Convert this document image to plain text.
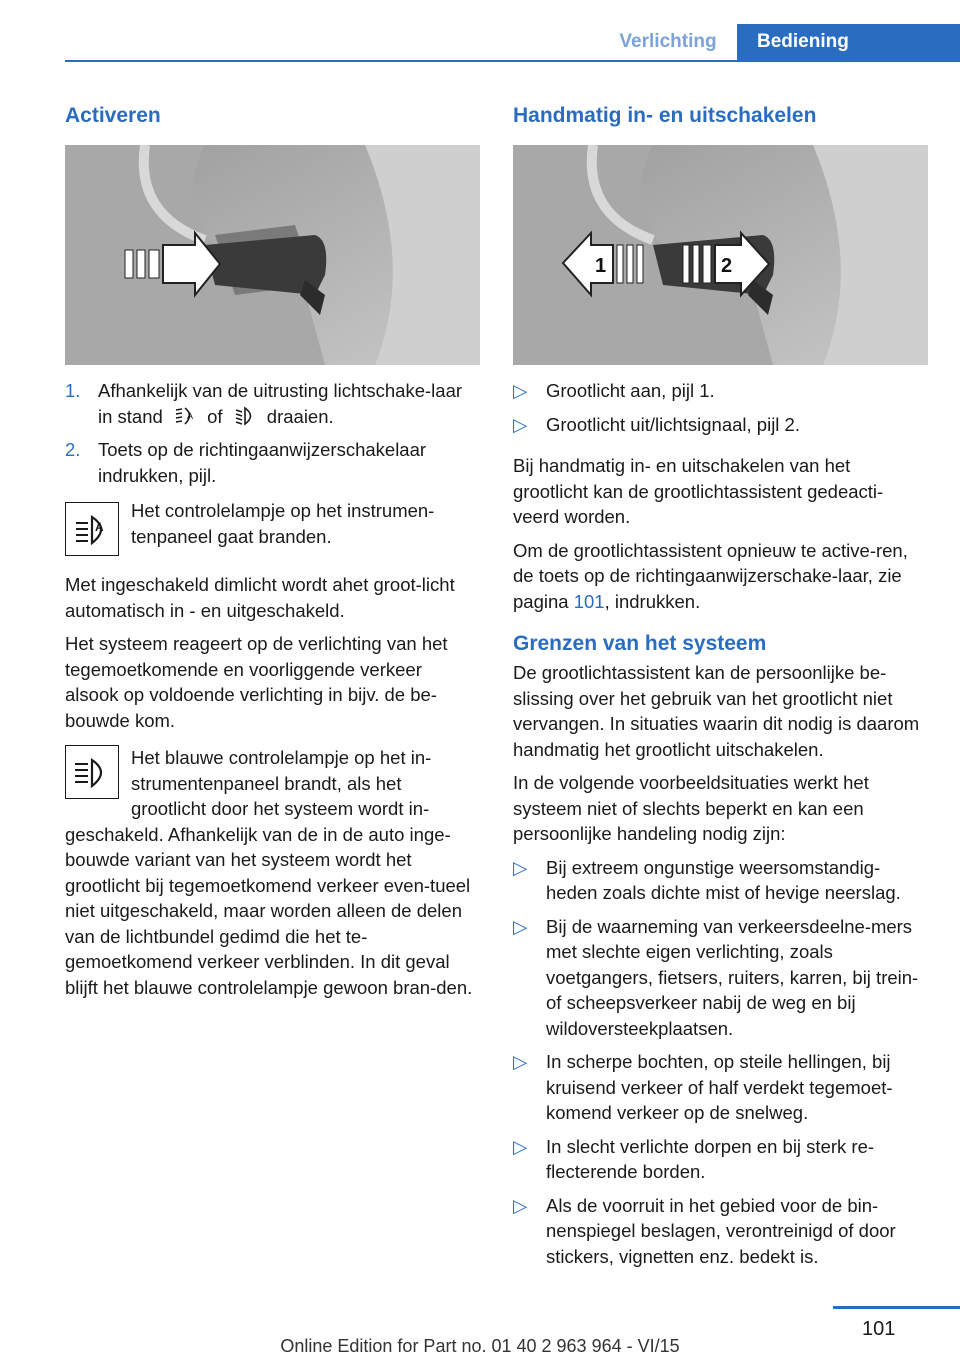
Verlichting	Bediening
Activeren
1. Afhankelijk van de uitrusting lichtschake-laar in stand	A of draaien.
2. Toets op de richtingaanwijzerschakelaar indrukken, pijl.
A

Het controlelampje op het instrumen-tenpaneel gaat branden.

Met ingeschakeld dimlicht wordt ahet groot-licht automatisch in - en uitgeschakeld.

Het systeem reageert op de verlichting van het tegemoetkomende en voorliggende verkeer alsook op voldoende verlichting in bijv. de be-bouwde kom.

Het blauwe controlelampje op het in-strumentenpaneel brandt, als het grootlicht door het systeem wordt in-geschakeld. Afhankelijk van de in de auto inge-bouwde variant van het systeem wordt het grootlicht bij tegemoetkomend verkeer even-tueel niet uitgeschakeld, maar worden alleen de delen van de lichtbundel gedimd die het te-gemoetkomend verkeer verblinden. In dit geval blijft het blauwe controlelampje gewoon bran-den.

Handmatig in- en uitschakelen
1	2
▷	Grootlicht aan, pijl 1.
▷	Grootlicht uit/lichtsignaal, pijl 2.

Bij handmatig in- en uitschakelen van het grootlicht kan de grootlichtassistent gedeacti-veerd worden.

Om de grootlichtassistent opnieuw te active-ren, de toets op de richtingaanwijzerschake-laar, zie pagina 101, indrukken.

Grenzen van het systeem

De grootlichtassistent kan de persoonlijke be-slissing over het gebruik van het grootlicht niet vervangen. In situaties waarin dit nodig is daarom handmatig het grootlicht uitschakelen.

In de volgende voorbeeldsituaties werkt het systeem niet of slechts beperkt en kan een persoonlijke handeling nodig zijn:

▷	Bij extreem ongunstige weersomstandig-heden zoals dichte mist of hevige neerslag.
▷	Bij de waarneming van verkeersdeelne-mers met slechte eigen verlichting, zoals voetgangers, fietsers, ruiters, karren, bij trein- of scheepsverkeer nabij de weg en bij wildoversteekplaatsen.
▷	In scherpe bochten, op steile hellingen, bij kruisend verkeer of half verdekt tegemoet-komend verkeer op de snelweg.
▷	In slecht verlichte dorpen en bij sterk re-flecterende borden.
▷	Als de voorruit in het gebied voor de bin-nenspiegel beslagen, verontreinigd of door stickers, vignetten enz. bedekt is.
101
Online Edition for Part no. 01 40 2 963 964 - VI/15
